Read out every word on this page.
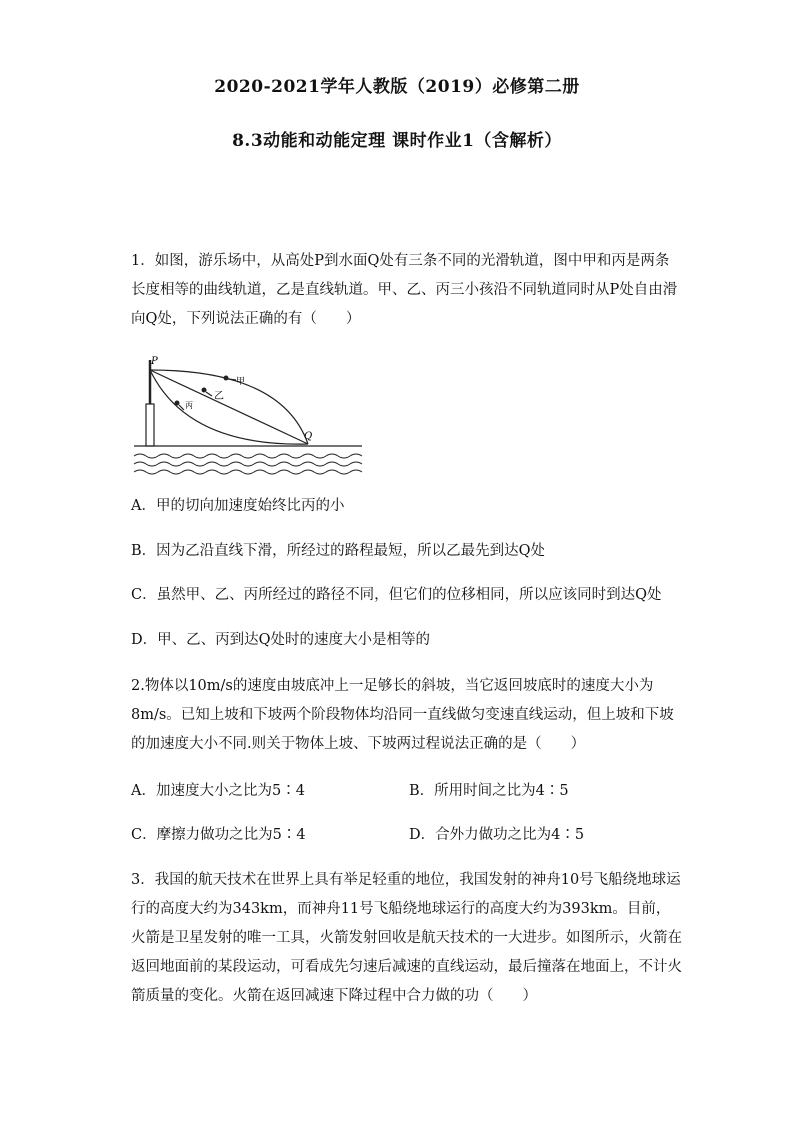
2020-2021学年人教版（2019）必修第二册
8.3动能和动能定理 课时作业1（含解析）

1．如图，游乐场中，从高处P到水面Q处有三条不同的光滑轨道，图中甲和丙是两条长度相等的曲线轨道，乙是直线轨道。甲、乙、丙三小孩沿不同轨道同时从P处自由滑向Q处，下列说法正确的有（　　）

P
Q
甲
乙
丙
A．甲的切向加速度始终比丙的小
B．因为乙沿直线下滑，所经过的路程最短，所以乙最先到达Q处
C．虽然甲、乙、丙所经过的路径不同，但它们的位移相同，所以应该同时到达Q处
D．甲、乙、丙到达Q处时的速度大小是相等的

2.物体以10m/s的速度由坡底冲上一足够长的斜坡，当它返回坡底时的速度大小为8m/s。已知上坡和下坡两个阶段物体均沿同一直线做匀变速直线运动，但上坡和下坡的加速度大小不同.则关于物体上坡、下坡两过程说法正确的是（　　）

A．加速度大小之比为5∶4	B．所用时间之比为4∶5
C．摩擦力做功之比为5∶4	D．合外力做功之比为4∶5

3．我国的航天技术在世界上具有举足轻重的地位，我国发射的神舟10号飞船绕地球运行的高度大约为343km，而神舟11号飞船绕地球运行的高度大约为393km。目前，火箭是卫星发射的唯一工具，火箭发射回收是航天技术的一大进步。如图所示，火箭在返回地面前的某段运动，可看成先匀速后减速的直线运动，最后撞落在地面上，不计火箭质量的变化。火箭在返回减速下降过程中合力做的功（　　）
